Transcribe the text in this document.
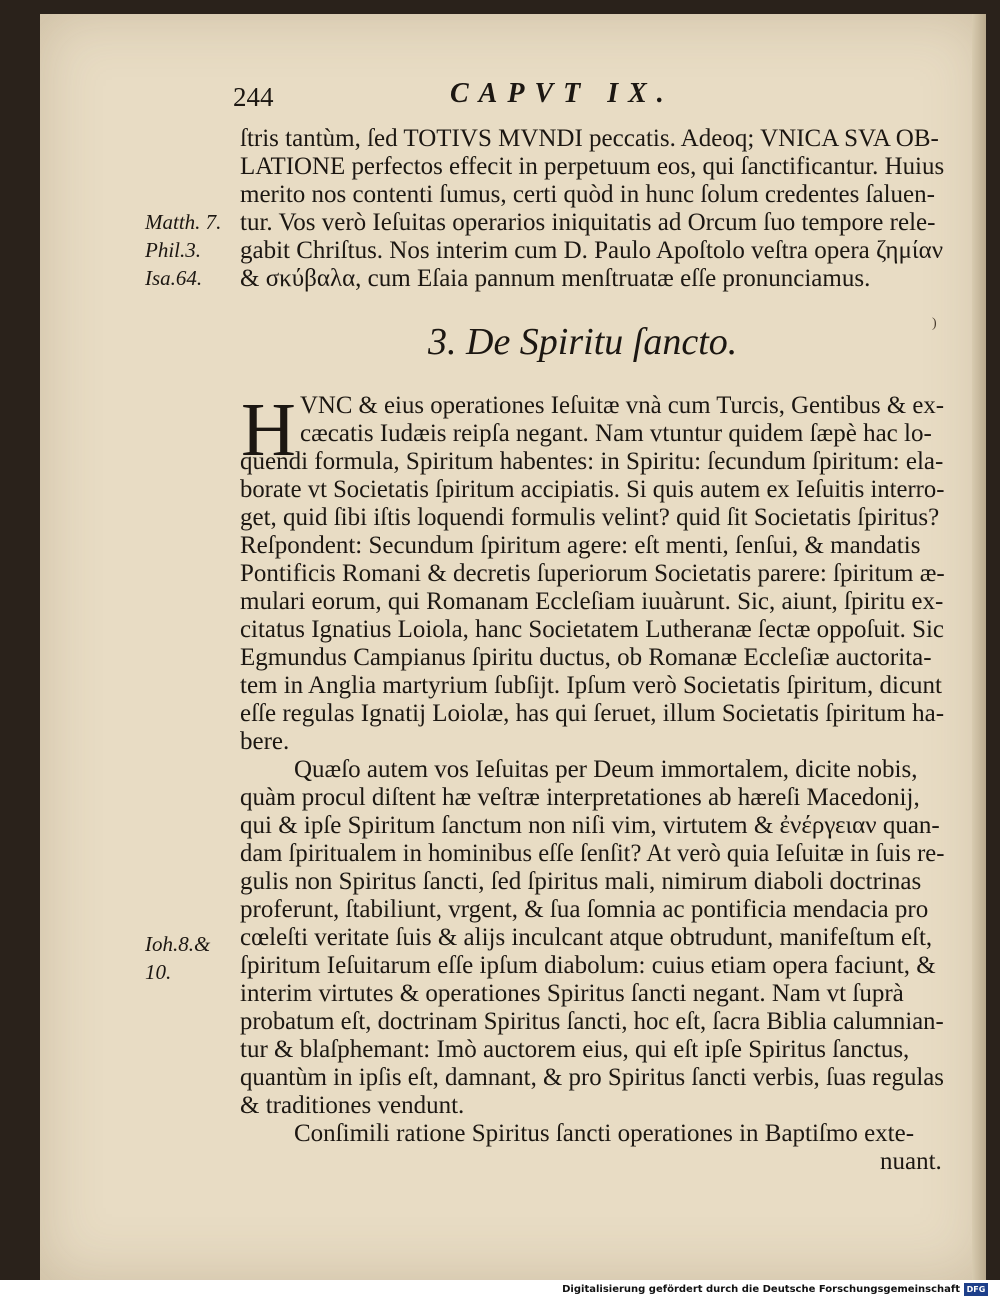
244	CAPVT IX.
ſtris tantùm, ſed TOTIVS MVNDI peccatis. Adeoq; VNICA SVA OB-
LATIONE perfectos effecit in perpetuum eos, qui ſanctificantur. Huius
merito nos contenti ſumus, certi quòd in hunc ſolum credentes ſaluen-
tur. Vos verò Ieſuitas operarios iniquitatis ad Orcum ſuo tempore rele-
gabit Chriſtus. Nos interim cum D. Paulo Apoſtolo veſtra opera ζημίαν
& σκύβαλα, cum Eſaia pannum menſtruatæ eſſe pronunciamus.
Matth. 7.
Phil.3.
Isa.64.
Ioh.8.&
10.
3. De Spiritu ſancto.	)
H VNC & eius operationes Ieſuitæ vnà cum Turcis, Gentibus & ex-
cæcatis Iudæis reipſa negant. Nam vtuntur quidem ſæpè hac lo-
quendi formula, Spiritum habentes: in Spiritu: ſecundum ſpiritum: ela-
borate vt Societatis ſpiritum accipiatis. Si quis autem ex Ieſuitis interro-
get, quid ſibi iſtis loquendi formulis velint? quid ſit Societatis ſpiritus?
Reſpondent: Secundum ſpiritum agere: eſt menti, ſenſui, & mandatis
Pontificis Romani & decretis ſuperiorum Societatis parere: ſpiritum æ-
mulari eorum, qui Romanam Eccleſiam iuuàrunt. Sic, aiunt, ſpiritu ex-
citatus Ignatius Loiola, hanc Societatem Lutheranæ ſectæ oppoſuit. Sic
Egmundus Campianus ſpiritu ductus, ob Romanæ Eccleſiæ auctorita-
tem in Anglia martyrium ſubſijt. Ipſum verò Societatis ſpiritum, dicunt
eſſe regulas Ignatij Loiolæ, has qui ſeruet, illum Societatis ſpiritum ha-
bere.
Quæſo autem vos Ieſuitas per Deum immortalem, dicite nobis,
quàm procul diſtent hæ veſtræ interpretationes ab hæreſi Macedonij,
qui & ipſe Spiritum ſanctum non niſi vim, virtutem & ἐνέργειαν quan-
dam ſpiritualem in hominibus eſſe ſenſit? At verò quia Ieſuitæ in ſuis re-
gulis non Spiritus ſancti, ſed ſpiritus mali, nimirum diaboli doctrinas
proferunt, ſtabiliunt, vrgent, & ſua ſomnia ac pontificia mendacia pro
cœleſti veritate ſuis & alijs inculcant atque obtrudunt, manifeſtum eſt,
ſpiritum Ieſuitarum eſſe ipſum diabolum: cuius etiam opera faciunt, &
interim virtutes & operationes Spiritus ſancti negant. Nam vt ſuprà
probatum eſt, doctrinam Spiritus ſancti, hoc eſt, ſacra Biblia calumnian-
tur & blaſphemant: Imò auctorem eius, qui eſt ipſe Spiritus ſanctus,
quantùm in ipſis eſt, damnant, & pro Spiritus ſancti verbis, ſuas regulas
& traditiones vendunt.
Conſimili ratione Spiritus ſancti operationes in Baptiſmo exte-
nuant.
Digitalisierung gefördert durch die Deutsche Forschungsgemeinschaft DFG
